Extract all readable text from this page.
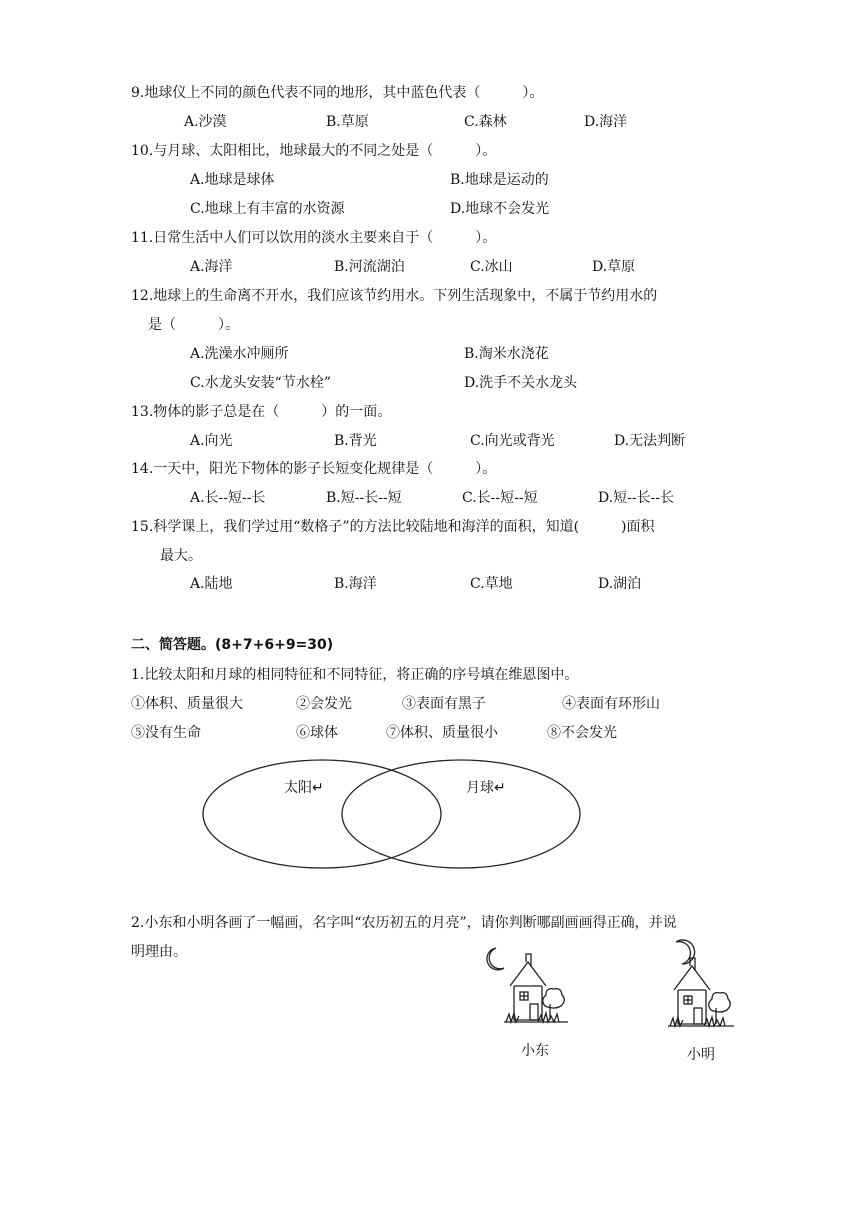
9.地球仪上不同的颜色代表不同的地形，其中蓝色代表（　　　）。
A.沙漠	B.草原	C.森林	D.海洋
10.与月球、太阳相比，地球最大的不同之处是（　　　）。
A.地球是球体	B.地球是运动的
C.地球上有丰富的水资源	D.地球不会发光
11.日常生活中人们可以饮用的淡水主要来自于（　　　）。
A.海洋	B.河流湖泊	C.冰山	D.草原
12.地球上的生命离不开水，我们应该节约用水。下列生活现象中，不属于节约用水的
是（　　　）。
A.洗澡水冲厕所	B.淘米水浇花
C.水龙头安装“节水栓”	D.洗手不关水龙头
13.物体的影子总是在（　　　）的一面。
A.向光	B.背光	C.向光或背光	D.无法判断
14.一天中，阳光下物体的影子长短变化规律是（　　　）。
A.长--短--长	B.短--长--短	C.长--短--短	D.短--长--长
15.科学课上，我们学过用“数格子”的方法比较陆地和海洋的面积，知道(　　　)面积
最大。
A.陆地	B.海洋	C.草地	D.湖泊
二、简答题。(8+7+6+9=30)
1.比较太阳和月球的相同特征和不同特征，将正确的序号填在维恩图中。
①体积、质量很大	②会发光	③表面有黑子	④表面有环形山
⑤没有生命	⑥球体	⑦体积、质量很小	⑧不会发光
太阳↵	月球↵
2.小东和小明各画了一幅画，名字叫“农历初五的月亮”，请你判断哪副画画得正确，并说
明理由。
小东	小明
